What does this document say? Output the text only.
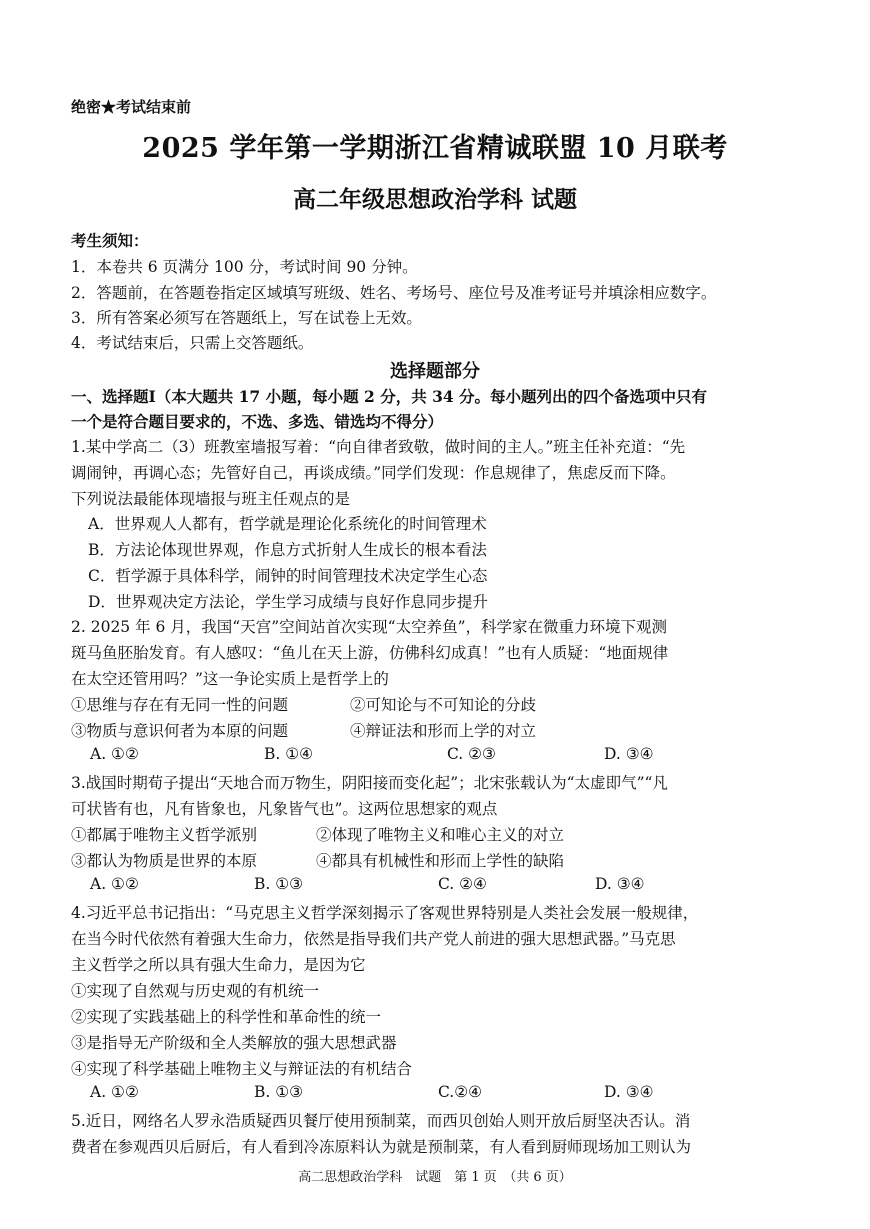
绝密★考试结束前
2025 学年第一学期浙江省精诚联盟 10 月联考
高二年级思想政治学科 试题
考生须知：
1．本卷共 6 页满分 100 分，考试时间 90 分钟。
2．答题前，在答题卷指定区域填写班级、姓名、考场号、座位号及准考证号并填涂相应数字。
3．所有答案必须写在答题纸上，写在试卷上无效。
4．考试结束后，只需上交答题纸。
选择题部分
一、选择题Ⅰ（本大题共 17 小题，每小题 2 分，共 34 分。每小题列出的四个备选项中只有
一个是符合题目要求的，不选、多选、错选均不得分）
1.某中学高二（3）班教室墙报写着：“向自律者致敬，做时间的主人。”班主任补充道：“先
调闹钟，再调心态；先管好自己，再谈成绩。”同学们发现：作息规律了，焦虑反而下降。
下列说法最能体现墙报与班主任观点的是
A．世界观人人都有，哲学就是理论化系统化的时间管理术
B．方法论体现世界观，作息方式折射人生成长的根本看法
C．哲学源于具体科学，闹钟的时间管理技术决定学生心态
D．世界观决定方法论，学生学习成绩与良好作息同步提升
2. 2025 年 6 月，我国“天宫”空间站首次实现“太空养鱼”，科学家在微重力环境下观测
斑马鱼胚胎发育。有人感叹：“鱼儿在天上游，仿佛科幻成真！”也有人质疑：“地面规律
在太空还管用吗？”这一争论实质上是哲学上的
①思维与存在有无同一性的问题	②可知论与不可知论的分歧
③物质与意识何者为本原的问题	④辩证法和形而上学的对立
A. ①②	B. ①④	C. ②③	D. ③④
3.战国时期荀子提出“天地合而万物生，阴阳接而变化起”；北宋张载认为“太虚即气”“凡
可状皆有也，凡有皆象也，凡象皆气也”。这两位思想家的观点
①都属于唯物主义哲学派别	②体现了唯物主义和唯心主义的对立
③都认为物质是世界的本原	④都具有机械性和形而上学性的缺陷
A. ①②	B. ①③	C. ②④	D. ③④
4.习近平总书记指出：“马克思主义哲学深刻揭示了客观世界特别是人类社会发展一般规律，
在当今时代依然有着强大生命力，依然是指导我们共产党人前进的强大思想武器。”马克思
主义哲学之所以具有强大生命力，是因为它
①实现了自然观与历史观的有机统一
②实现了实践基础上的科学性和革命性的统一
③是指导无产阶级和全人类解放的强大思想武器
④实现了科学基础上唯物主义与辩证法的有机结合
A. ①②	B. ①③	C.②④	D. ③④
5.近日，网络名人罗永浩质疑西贝餐厅使用预制菜，而西贝创始人则开放后厨坚决否认。消
费者在参观西贝后厨后，有人看到冷冻原料认为就是预制菜，有人看到厨师现场加工则认为
高二思想政治学科　试题　第 1 页　（共 6 页）
